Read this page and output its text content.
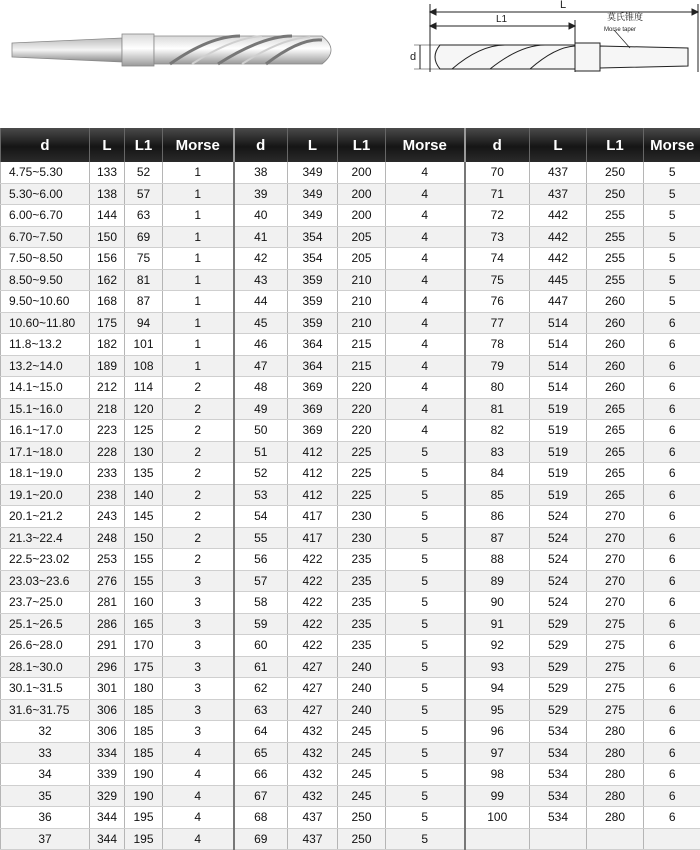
L
L1
d
莫氏锥度
Morse taper
d	L	L1	Morse	d	L	L1	Morse	d	L	L1	Morse
4.75~5.30	133	52	1	38	349	200	4	70	437	250	5
5.30~6.00	138	57	1	39	349	200	4	71	437	250	5
6.00~6.70	144	63	1	40	349	200	4	72	442	255	5
6.70~7.50	150	69	1	41	354	205	4	73	442	255	5
7.50~8.50	156	75	1	42	354	205	4	74	442	255	5
8.50~9.50	162	81	1	43	359	210	4	75	445	255	5
9.50~10.60	168	87	1	44	359	210	4	76	447	260	5
10.60~11.80	175	94	1	45	359	210	4	77	514	260	6
11.8~13.2	182	101	1	46	364	215	4	78	514	260	6
13.2~14.0	189	108	1	47	364	215	4	79	514	260	6
14.1~15.0	212	114	2	48	369	220	4	80	514	260	6
15.1~16.0	218	120	2	49	369	220	4	81	519	265	6
16.1~17.0	223	125	2	50	369	220	4	82	519	265	6
17.1~18.0	228	130	2	51	412	225	5	83	519	265	6
18.1~19.0	233	135	2	52	412	225	5	84	519	265	6
19.1~20.0	238	140	2	53	412	225	5	85	519	265	6
20.1~21.2	243	145	2	54	417	230	5	86	524	270	6
21.3~22.4	248	150	2	55	417	230	5	87	524	270	6
22.5~23.02	253	155	2	56	422	235	5	88	524	270	6
23.03~23.6	276	155	3	57	422	235	5	89	524	270	6
23.7~25.0	281	160	3	58	422	235	5	90	524	270	6
25.1~26.5	286	165	3	59	422	235	5	91	529	275	6
26.6~28.0	291	170	3	60	422	235	5	92	529	275	6
28.1~30.0	296	175	3	61	427	240	5	93	529	275	6
30.1~31.5	301	180	3	62	427	240	5	94	529	275	6
31.6~31.75	306	185	3	63	427	240	5	95	529	275	6
32	306	185	3	64	432	245	5	96	534	280	6
33	334	185	4	65	432	245	5	97	534	280	6
34	339	190	4	66	432	245	5	98	534	280	6
35	329	190	4	67	432	245	5	99	534	280	6
36	344	195	4	68	437	250	5	100	534	280	6
37	344	195	4	69	437	250	5				
